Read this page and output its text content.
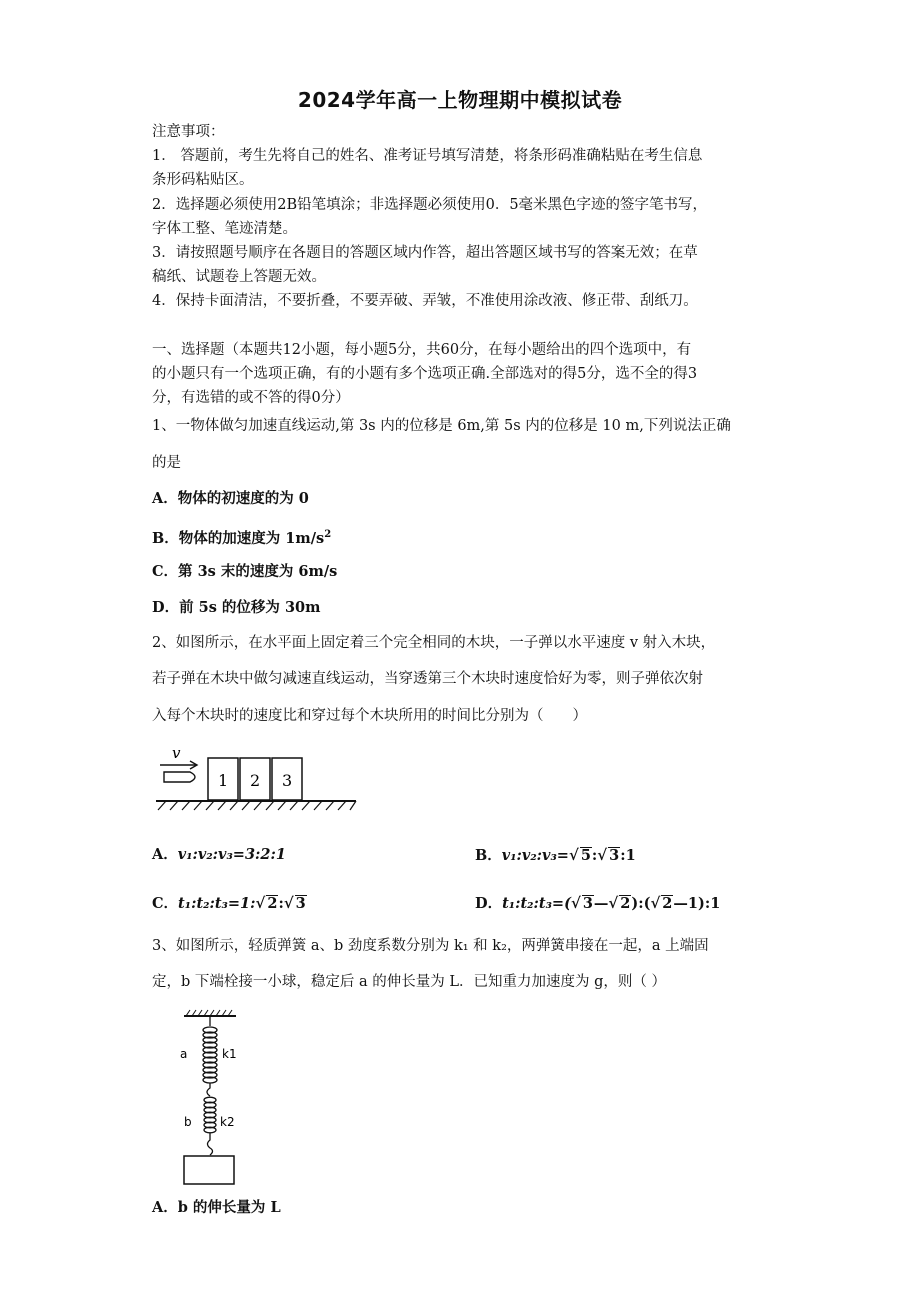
2024学年高一上物理期中模拟试卷
注意事项：
1． 答题前，考生先将自己的姓名、准考证号填写清楚，将条形码准确粘贴在考生信息
条形码粘贴区。
2．选择题必须使用2B铅笔填涂；非选择题必须使用0．5毫米黑色字迹的签字笔书写，
字体工整、笔迹清楚。
3．请按照题号顺序在各题目的答题区域内作答，超出答题区域书写的答案无效；在草
稿纸、试题卷上答题无效。
4．保持卡面清洁，不要折叠，不要弄破、弄皱，不准使用涂改液、修正带、刮纸刀。
一、选择题（本题共12小题，每小题5分，共60分，在每小题给出的四个选项中，有
的小题只有一个选项正确，有的小题有多个选项正确.全部选对的得5分，选不全的得3
分，有选错的或不答的得0分）
1、一物体做匀加速直线运动,第 3s 内的位移是 6m,第 5s 内的位移是 10 m,下列说法正确
的是
A．物体的初速度的为 0
B．物体的加速度为 $1m/s^2$
C．第 3s 末的速度为 6m/s
D．前 5s 的位移为 30m
2、如图所示，在水平面上固定着三个完全相同的木块，一子弹以水平速度 v 射入木块，
若子弹在木块中做匀减速直线运动，当穿透第三个木块时速度恰好为零，则子弹依次射
入每个木块时的速度比和穿过每个木块所用的时间比分别为（　　）
v
1 2 3
A．v₁:v₂:v₃=3:2:1	B．v₁:v₂:v₃=√ 5:√ 3:1
C．t₁:t₂:t₃=1:√ 2:√ 3	D．t₁:t₂:t₃=(√ 3—√ 2):(√ 2—1):1
3、如图所示，轻质弹簧 a、b 劲度系数分别为 k₁ 和 k₂，两弹簧串接在一起，a 上端固
定，b 下端栓接一小球，稳定后 a 的伸长量为 L．已知重力加速度为 g，则（ ）
a	k1
b k2
A．b 的伸长量为 L
